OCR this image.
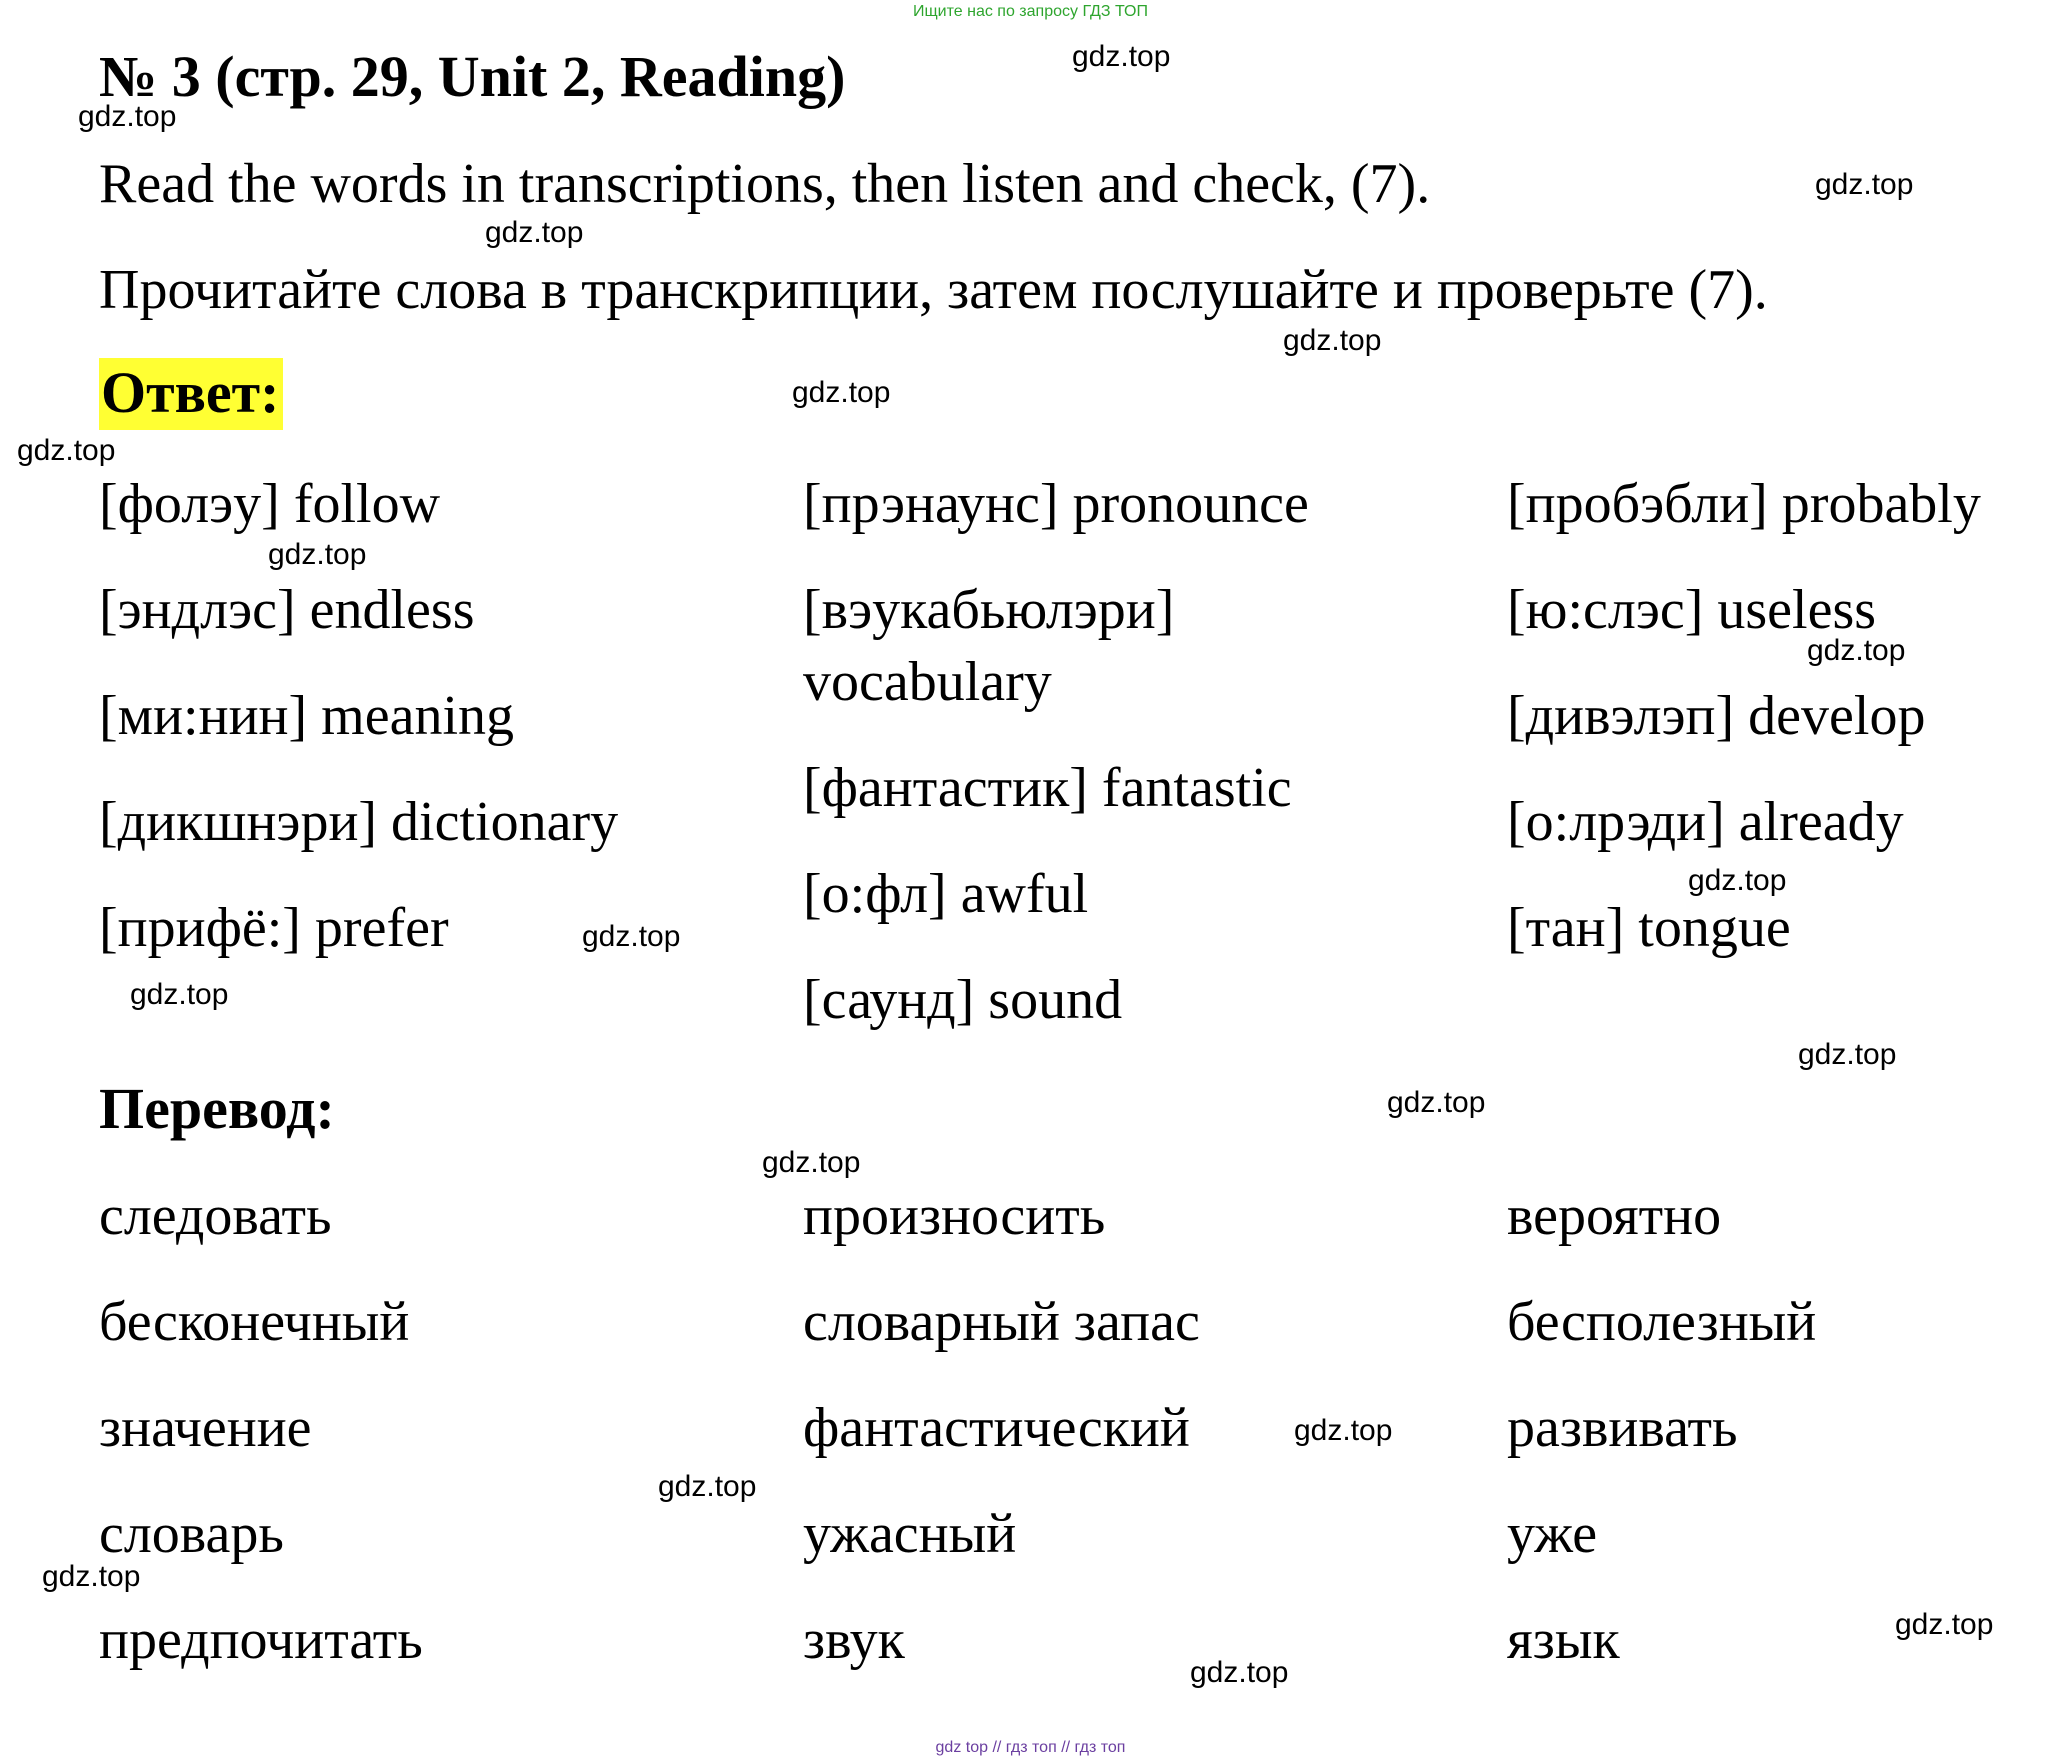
Ищите нас по запросу ГДЗ ТОП
№ 3 (стр. 29, Unit 2, Reading)
Read the words in transcriptions, then listen and check, (7).
Прочитайте слова в транскрипции, затем послушайте и проверьте (7).
Ответ:
[фолэу] follow
[эндлэс] endless
[ми:нин] meaning
[дикшнэри] dictionary
[прифё:] prefer
[прэнаунс] pronounce
[вэукабьюлэри]
vocabulary
[фантастик] fantastic
[о:фл] awful
[саунд] sound
[пробэбли] probably
[ю:слэс] useless
[дивэлэп] develop
[о:лрэди] already
[тан] tongue
Перевод:
следовать
бесконечный
значение
словарь
предпочитать
произносить
словарный запас
фантастический
ужасный
звук
вероятно
бесполезный
развивать
уже
язык
gdz.top
gdz.top
gdz.top
gdz.top
gdz.top
gdz.top
gdz.top
gdz.top
gdz.top
gdz.top
gdz.top
gdz.top
gdz.top
gdz.top
gdz.top
gdz.top
gdz.top
gdz.top
gdz.top
gdz.top
gdz top // гдз топ // гдз топ
